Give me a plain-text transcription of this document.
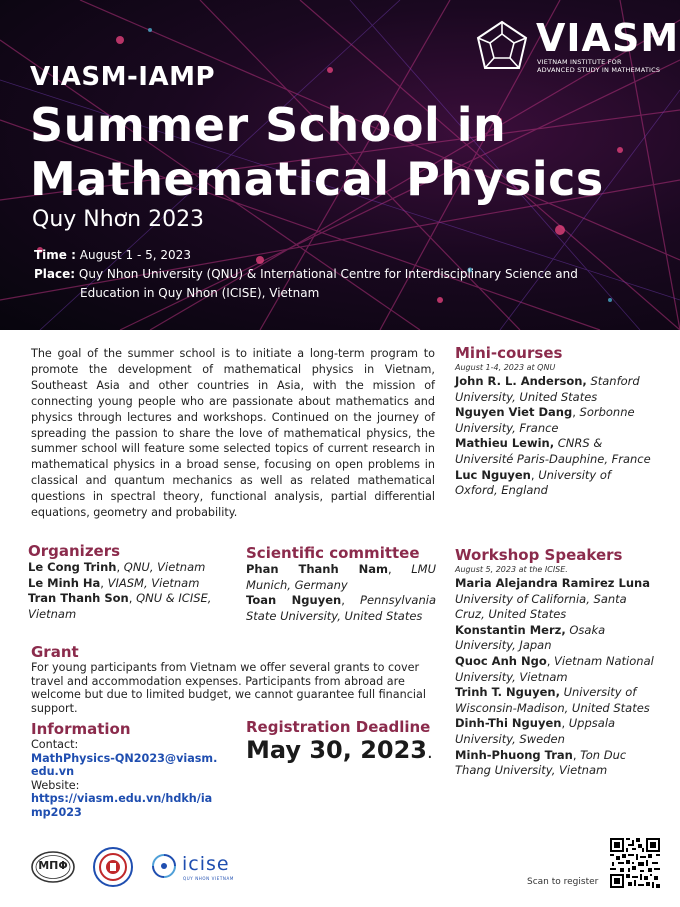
VIASM
VIETNAM INSTITUTE FOR
ADVANCED STUDY IN MATHEMATICS
VIASM-IAMP
Summer School in
Mathematical Physics
Quy Nhơn 2023
Time : August 1 - 5, 2023
Place: Quy Nhon University (QNU) & International Centre for Interdisciplinary Science and
Education in Quy Nhon (ICISE), Vietnam
The goal of the summer school is to initiate a long-term program to promote the development of mathematical physics in Vietnam, Southeast Asia and other countries in Asia, with the mission of connecting young people who are passionate about mathematics and physics through lectures and workshops. Continued on the journey of spreading the passion to share the love of mathematical physics, the summer school will feature some selected topics of current research in mathematical physics in a broad sense, focusing on open problems in classical and quantum mechanics as well as related mathematical questions in spectral theory, functional analysis, partial differential equations, geometry and probability.
Mini-courses
August 1-4, 2023 at QNU
John R. L. Anderson, Stanford University, United States
Nguyen Viet Dang, Sorbonne University, France
Mathieu Lewin, CNRS & Université Paris-Dauphine, France
Luc Nguyen, University of Oxford, England
Organizers
Le Cong Trinh, QNU, Vietnam
Le Minh Ha, VIASM, Vietnam
Tran Thanh Son, QNU & ICISE, Vietnam
Scientific committee
Phan Thanh Nam, LMU Munich, Germany
Toan Nguyen, Pennsylvania State University, United States
Workshop Speakers
August 5, 2023 at the ICISE.
Maria Alejandra Ramirez Luna University of California, Santa Cruz, United States
Konstantin Merz, Osaka University, Japan
Quoc Anh Ngo, Vietnam National University, Vietnam
Trinh T. Nguyen, University of Wisconsin-Madison, United States
Dinh-Thi Nguyen, Uppsala University, Sweden
Minh-Phuong Tran, Ton Duc Thang University, Vietnam
Grant
For young participants from Vietnam we offer several grants to cover travel and accommodation expenses. Participants from abroad are welcome but due to limited budget, we cannot guarantee full financial support.
Information
Contact:
MathPhysics-QN2023@viasm.
edu.vn
Website:
https://viasm.edu.vn/hdkh/ia
mp2023
Registration Deadline
May 30, 2023.
MΠΦ	icise
QUY NHON VIETNAM	Scan to register
